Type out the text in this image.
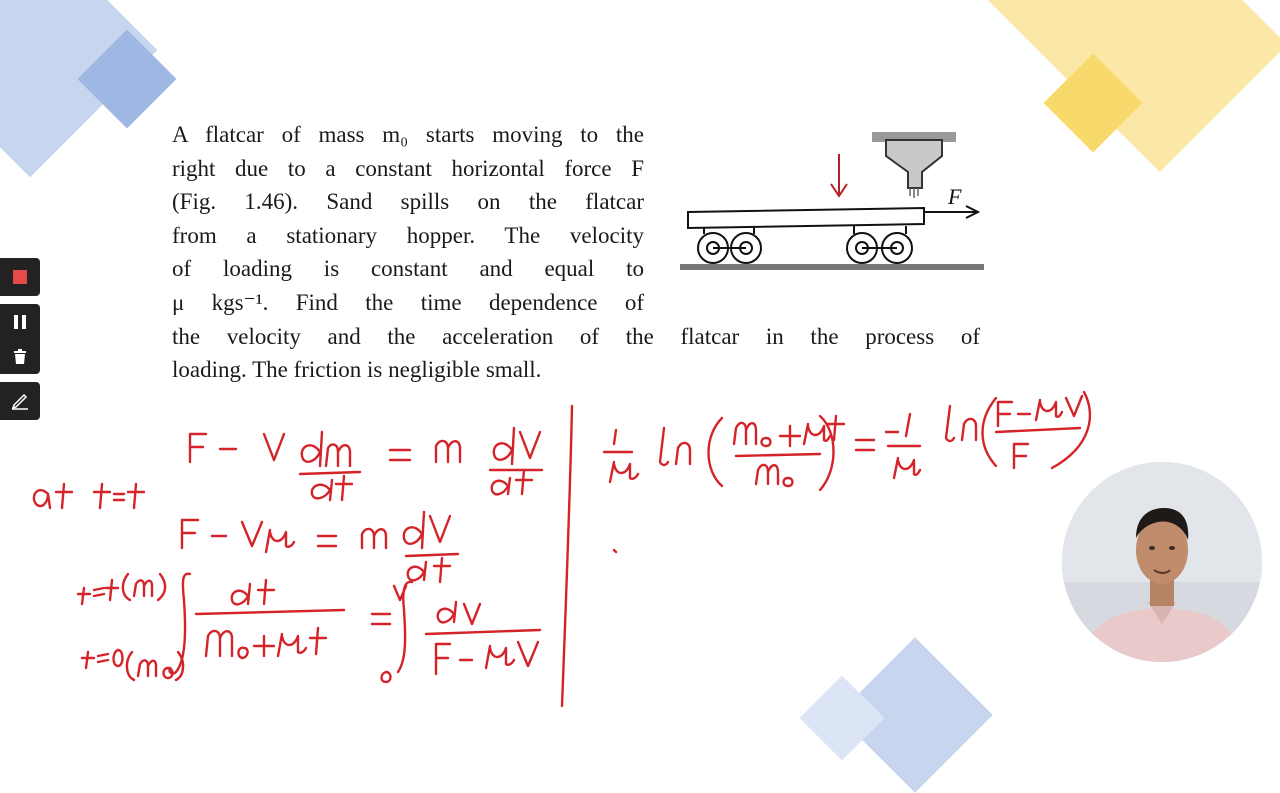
A flatcar of mass m₀ starts moving to the
right due to a constant horizontal force F
(Fig. 1.46). Sand spills on the flatcar
from a stationary hopper. The velocity
of loading is constant and equal to
μ kgs⁻¹. Find the time dependence of
the velocity and the acceleration of the flatcar in the process of
loading. The friction is negligible small.
F
